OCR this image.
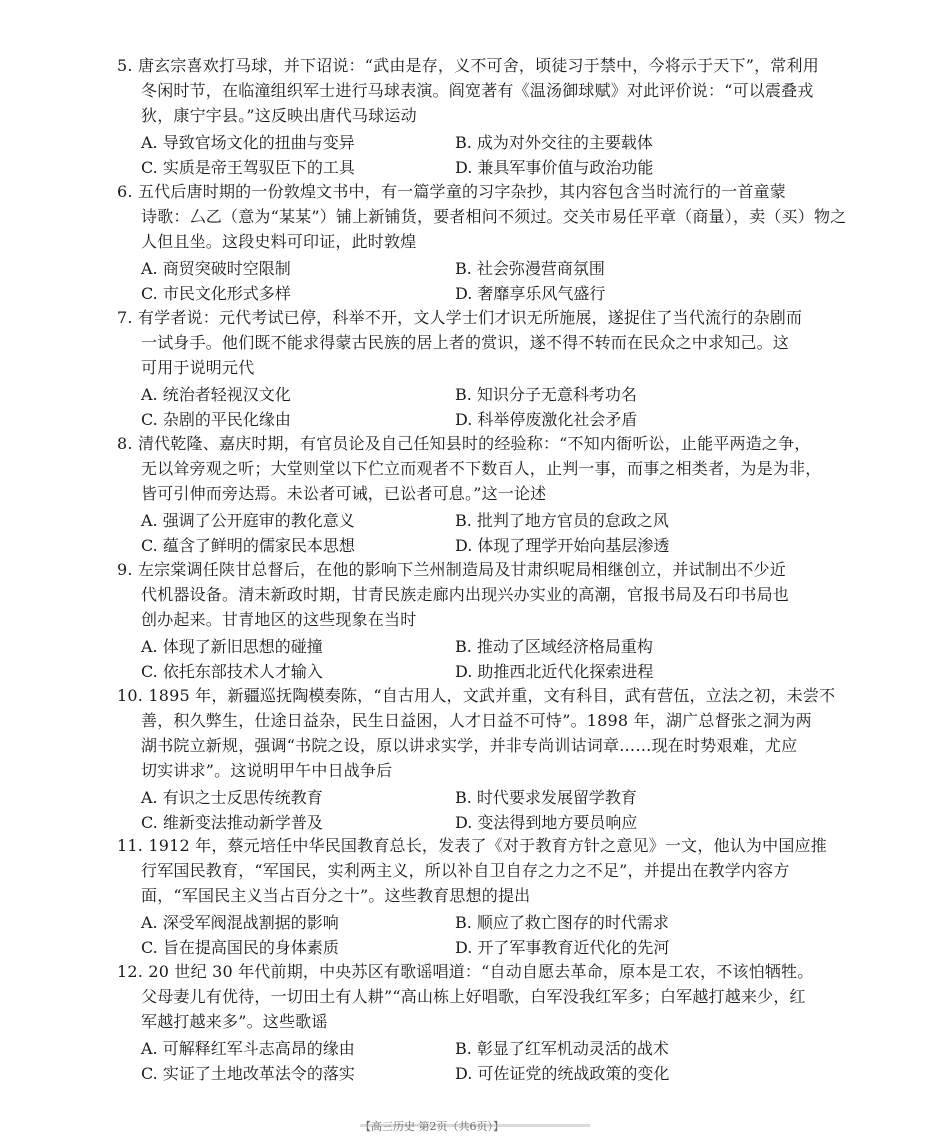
5. 唐玄宗喜欢打马球，并下诏说：“武由是存，义不可舍，顷徒习于禁中，今将示于天下”，常利用
冬闲时节，在临潼组织军士进行马球表演。阎宽著有《温汤御球赋》对此评价说：“可以震叠戎
狄，康宁宇县。”这反映出唐代马球运动
A. 导致官场文化的扭曲与变异	B. 成为对外交往的主要载体
C. 实质是帝王驾驭臣下的工具	D. 兼具军事价值与政治功能
6. 五代后唐时期的一份敦煌文书中，有一篇学童的习字杂抄，其内容包含当时流行的一首童蒙
诗歌：厶乙（意为“某某”）铺上新铺货，要者相问不须过。交关市易任平章（商量），卖（买）物之
人但且坐。这段史料可印证，此时敦煌
A. 商贸突破时空限制	B. 社会弥漫营商氛围
C. 市民文化形式多样	D. 奢靡享乐风气盛行
7. 有学者说：元代考试已停，科举不开，文人学士们才识无所施展，遂捉住了当代流行的杂剧而
一试身手。他们既不能求得蒙古民族的居上者的赏识，遂不得不转而在民众之中求知己。这
可用于说明元代
A. 统治者轻视汉文化	B. 知识分子无意科考功名
C. 杂剧的平民化缘由	D. 科举停废激化社会矛盾
8. 清代乾隆、嘉庆时期，有官员论及自己任知县时的经验称：“不知内衙听讼，止能平两造之争，
无以耸旁观之听；大堂则堂以下伫立而观者不下数百人，止判一事，而事之相类者，为是为非，
皆可引伸而旁达焉。未讼者可诫，已讼者可息。”这一论述
A. 强调了公开庭审的教化意义	B. 批判了地方官员的怠政之风
C. 蕴含了鲜明的儒家民本思想	D. 体现了理学开始向基层渗透
9. 左宗棠调任陕甘总督后，在他的影响下兰州制造局及甘肃织呢局相继创立，并试制出不少近
代机器设备。清末新政时期，甘青民族走廊内出现兴办实业的高潮，官报书局及石印书局也
创办起来。甘青地区的这些现象在当时
A. 体现了新旧思想的碰撞	B. 推动了区域经济格局重构
C. 依托东部技术人才输入	D. 助推西北近代化探索进程
10. 1895 年，新疆巡抚陶模奏陈，“自古用人，文武并重，文有科目，武有营伍，立法之初，未尝不
善，积久弊生，仕途日益杂，民生日益困，人才日益不可恃”。1898 年，湖广总督张之洞为两
湖书院立新规，强调“书院之设，原以讲求实学，并非专尚训诂词章……现在时势艰难，尤应
切实讲求”。这说明甲午中日战争后
A. 有识之士反思传统教育	B. 时代要求发展留学教育
C. 维新变法推动新学普及	D. 变法得到地方要员响应
11. 1912 年，蔡元培任中华民国教育总长，发表了《对于教育方针之意见》一文，他认为中国应推
行军国民教育，“军国民，实利两主义，所以补自卫自存之力之不足”，并提出在教学内容方
面，“军国民主义当占百分之十”。这些教育思想的提出
A. 深受军阀混战割据的影响	B. 顺应了救亡图存的时代需求
C. 旨在提高国民的身体素质	D. 开了军事教育近代化的先河
12. 20 世纪 30 年代前期，中央苏区有歌谣唱道：“自动自愿去革命，原本是工农，不该怕牺牲。
父母妻儿有优待，一切田土有人耕”“高山栋上好唱歌，白军没我红军多；白军越打越来少，红
军越打越来多”。这些歌谣
A. 可解释红军斗志高昂的缘由	B. 彰显了红军机动灵活的战术
C. 实证了土地改革法令的落实	D. 可佐证党的统战政策的变化
【高三历史 第2页（共6页）】
